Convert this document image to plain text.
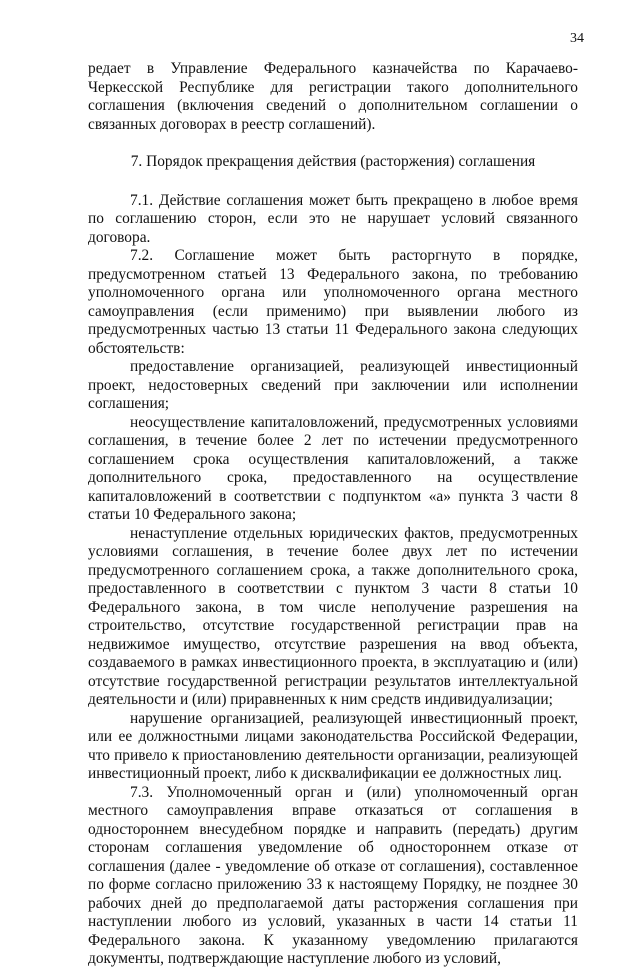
34

редает в Управление Федерального казначейства по Карачаево-Черкесской Республике для регистрации такого дополнительного соглашения (включения сведений о дополнительном соглашении о связанных договорах в реестр соглашений).

7. Порядок прекращения действия (расторжения) соглашения

7.1. Действие соглашения может быть прекращено в любое время по соглашению сторон, если это не нарушает условий связанного договора.

7.2. Соглашение может быть расторгнуто в порядке, предусмотренном статьей 13 Федерального закона, по требованию уполномоченного органа или уполномоченного органа местного самоуправления (если применимо) при выявлении любого из предусмотренных частью 13 статьи 11 Федерального закона следующих обстоятельств:

предоставление организацией, реализующей инвестиционный проект, недостоверных сведений при заключении или исполнении соглашения;

неосуществление капиталовложений, предусмотренных условиями соглашения, в течение более 2 лет по истечении предусмотренного соглашением срока осуществления капиталовложений, а также дополнительного срока, предоставленного на осуществление капиталовложений в соответствии с подпунктом «а» пункта 3 части 8 статьи 10 Федерального закона;

ненаступление отдельных юридических фактов, предусмотренных условиями соглашения, в течение более двух лет по истечении предусмотренного соглашением срока, а также дополнительного срока, предоставленного в соответствии с пунктом 3 части 8 статьи 10 Федерального закона, в том числе неполучение разрешения на строительство, отсутствие государственной регистрации прав на недвижимое имущество, отсутствие разрешения на ввод объекта, создаваемого в рамках инвестиционного проекта, в эксплуатацию и (или) отсутствие государственной регистрации результатов интеллектуальной деятельности и (или) приравненных к ним средств индивидуализации;

нарушение организацией, реализующей инвестиционный проект, или ее должностными лицами законодательства Российской Федерации, что привело к приостановлению деятельности организации, реализующей инвестиционный проект, либо к дисквалификации ее должностных лиц.

7.3. Уполномоченный орган и (или) уполномоченный орган местного самоуправления вправе отказаться от соглашения в одностороннем внесудебном порядке и направить (передать) другим сторонам соглашения уведомление об одностороннем отказе от соглашения (далее - уведомление об отказе от соглашения), составленное по форме согласно приложению 33 к настоящему Порядку, не позднее 30 рабочих дней до предполагаемой даты расторжения соглашения при наступлении любого из условий, указанных в части 14 статьи 11 Федерального закона. К указанному уведомлению прилагаются документы, подтверждающие наступление любого из условий,
